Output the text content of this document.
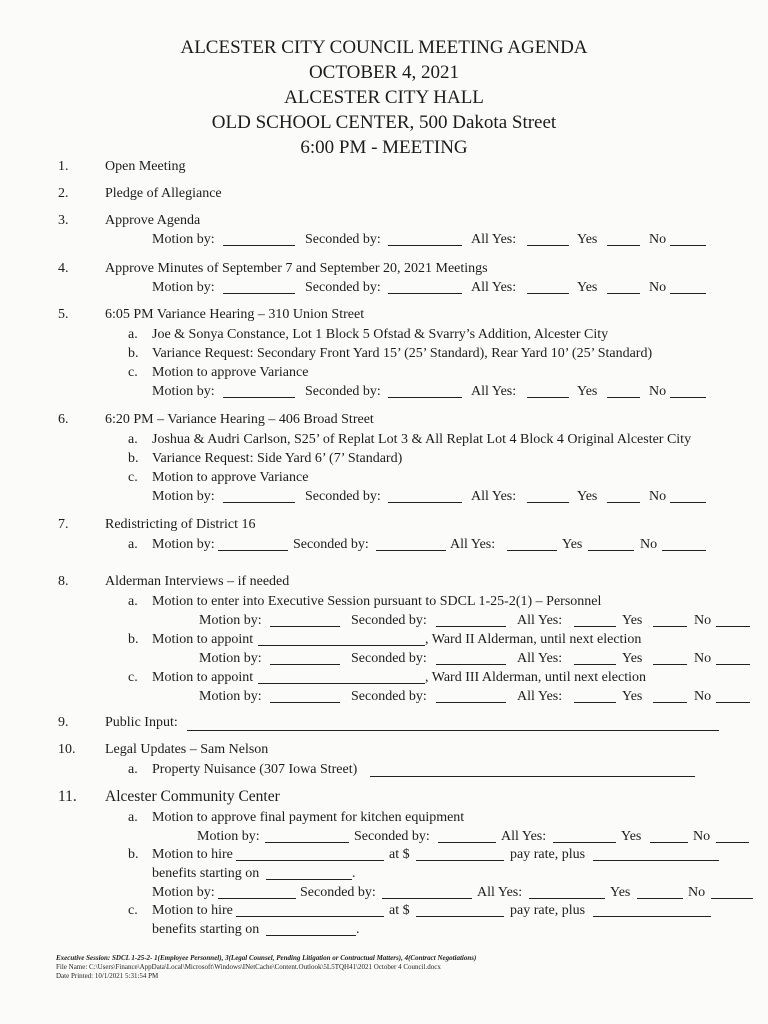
ALCESTER CITY COUNCIL MEETING AGENDA
OCTOBER 4, 2021
ALCESTER CITY HALL
OLD SCHOOL CENTER, 500 Dakota Street
6:00 PM - MEETING
1.	Open Meeting
2.	Pledge of Allegiance
3.	Approve Agenda
Motion by:	Seconded by:	All Yes:	Yes	No
4.	Approve Minutes of September 7 and September 20, 2021 Meetings
Motion by:	Seconded by:	All Yes:	Yes	No
5.	6:05 PM Variance Hearing – 310 Union Street
a. Joe & Sonya Constance, Lot 1 Block 5 Ofstad & Svarry’s Addition, Alcester City
b. Variance Request: Secondary Front Yard 15’ (25’ Standard), Rear Yard 10’ (25’ Standard)
c. Motion to approve Variance
Motion by:	Seconded by:	All Yes:	Yes	No
6.	6:20 PM – Variance Hearing – 406 Broad Street
a. Joshua & Audri Carlson, S25’ of Replat Lot 3 & All Replat Lot 4 Block 4 Original Alcester City
b. Variance Request: Side Yard 6’ (7’ Standard)
c. Motion to approve Variance
Motion by:	Seconded by:	All Yes:	Yes	No
7.	Redistricting of District 16
a. Motion by:	Seconded by:	All Yes:	Yes	No
8.	Alderman Interviews – if needed
a. Motion to enter into Executive Session pursuant to SDCL 1-25-2(1) – Personnel
Motion by:	Seconded by:	All Yes:	Yes	No
b. Motion to appoint	, Ward II Alderman, until next election
Motion by:	Seconded by:	All Yes:	Yes	No
c. Motion to appoint	, Ward III Alderman, until next election
Motion by:	Seconded by:	All Yes:	Yes	No
9.	Public Input:
10. Legal Updates – Sam Nelson
a. Property Nuisance (307 Iowa Street)
11. Alcester Community Center
a. Motion to approve final payment for kitchen equipment
Motion by:	Seconded by:	All Yes:	Yes	No
b. Motion to hire	at $	pay rate, plus
benefits starting on	.
Motion by:	Seconded by:	All Yes:	Yes	No
c. Motion to hire	at $	pay rate, plus
benefits starting on	.
Executive Session: SDCL 1-25-2- 1(Employee Personnel), 3(Legal Counsel, Pending Litigation or Contractual Matters), 4(Contract Negotiations)
File Name: C:\Users\Finance\AppData\Local\Microsoft\Windows\INetCache\Content.Outlook\5L5TQH41\2021 October 4 Council.docx
Date Printed: 10/1/2021 5:31:54 PM
